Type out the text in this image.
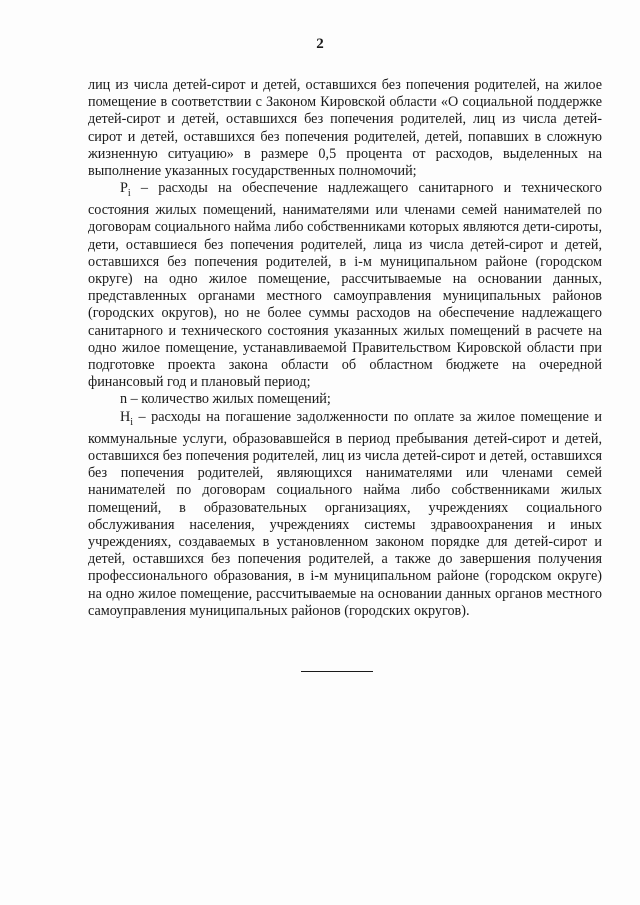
2

лиц из числа детей-сирот и детей, оставшихся без попечения родителей, на жилое помещение в соответствии с Законом Кировской области «О социальной поддержке детей-сирот и детей, оставшихся без попечения родителей, лиц из числа детей-сирот и детей, оставшихся без попечения родителей, детей, попавших в сложную жизненную ситуацию» в размере 0,5 процента от расходов, выделенных на выполнение указанных государственных полномочий;

$P_i$ – расходы на обеспечение надлежащего санитарного и технического состояния жилых помещений, нанимателями или членами семей нанимателей по договорам социального найма либо собственниками которых являются дети-сироты, дети, оставшиеся без попечения родителей, лица из числа детей-сирот и детей, оставшихся без попечения родителей, в i-м муниципальном районе (городском округе) на одно жилое помещение, рассчитываемые на основании данных, представленных органами местного самоуправления муниципальных районов (городских округов), но не более суммы расходов на обеспечение надлежащего санитарного и технического состояния указанных жилых помещений в расчете на одно жилое помещение, устанавливаемой Правительством Кировской области при подготовке проекта закона области об областном бюджете на очередной финансовый год и плановый период;

n – количество жилых помещений;

$H_i$ – расходы на погашение задолженности по оплате за жилое помещение и коммунальные услуги, образовавшейся в период пребывания детей-сирот и детей, оставшихся без попечения родителей, лиц из числа детей-сирот и детей, оставшихся без попечения родителей, являющихся нанимателями или членами семей нанимателей по договорам социального найма либо собственниками жилых помещений, в образовательных организациях, учреждениях социального обслуживания населения, учреждениях системы здравоохранения и иных учреждениях, создаваемых в установленном законом порядке для детей-сирот и детей, оставшихся без попечения родителей, а также до завершения получения профессионального образования, в i-м муниципальном районе (городском округе) на одно жилое помещение, рассчитываемые на основании данных органов местного самоуправления муниципальных районов (городских округов).
